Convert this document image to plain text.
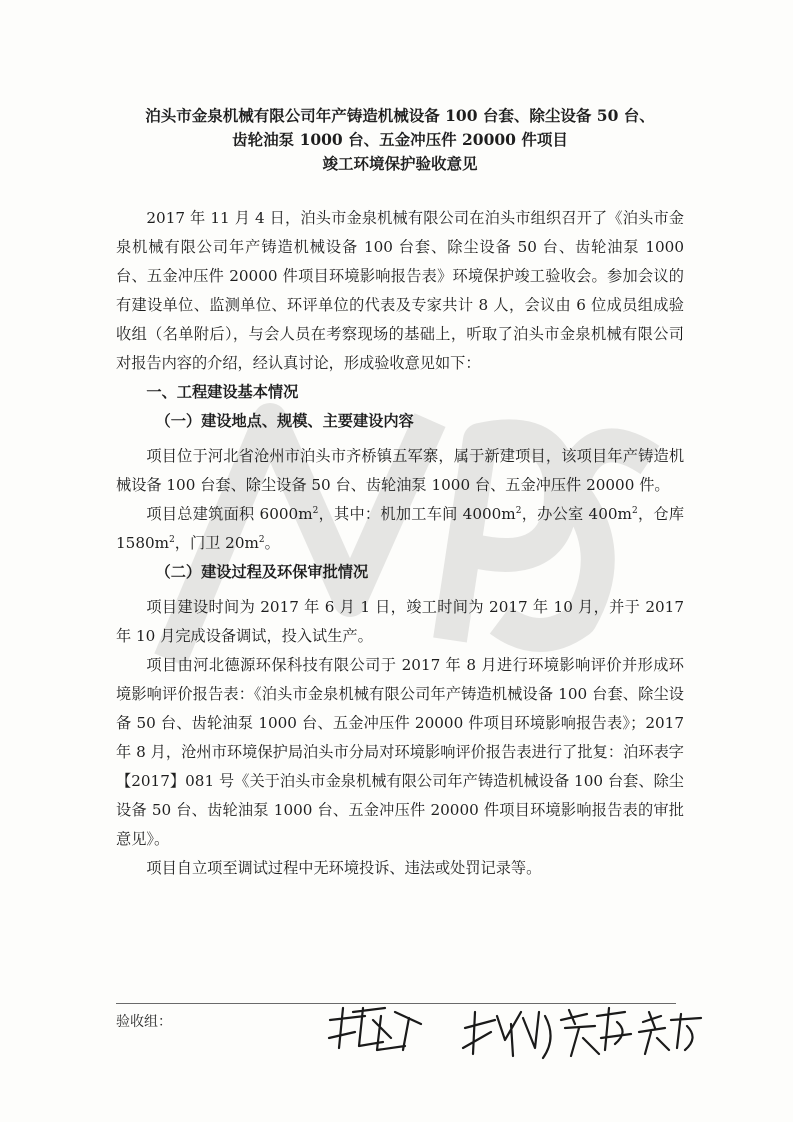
泊头市金泉机械有限公司年产铸造机械设备 100 台套、除尘设备 50 台、
齿轮油泵 1000 台、五金冲压件 20000 件项目
竣工环境保护验收意见

2017 年 11 月 4 日，泊头市金泉机械有限公司在泊头市组织召开了《泊头市金泉机械有限公司年产铸造机械设备 100 台套、除尘设备 50 台、齿轮油泵 1000 台、五金冲压件 20000 件项目环境影响报告表》环境保护竣工验收会。参加会议的有建设单位、监测单位、环评单位的代表及专家共计 8 人，会议由 6 位成员组成验收组（名单附后），与会人员在考察现场的基础上，听取了泊头市金泉机械有限公司对报告内容的介绍，经认真讨论，形成验收意见如下：

一、工程建设基本情况

（一）建设地点、规模、主要建设内容

项目位于河北省沧州市泊头市齐桥镇五军寨，属于新建项目，该项目年产铸造机械设备 100 台套、除尘设备 50 台、齿轮油泵 1000 台、五金冲压件 20000 件。

项目总建筑面积 $6000m^2$，其中：机加工车间 $4000m^2$，办公室 $400m^2$，仓库 $1580m^2$，门卫 $20m^2$。

（二）建设过程及环保审批情况

项目建设时间为 2017 年 6 月 1 日，竣工时间为 2017 年 10 月，并于 2017 年 10 月完成设备调试，投入试生产。

项目由河北德源环保科技有限公司于 2017 年 8 月进行环境影响评价并形成环境影响评价报告表：《泊头市金泉机械有限公司年产铸造机械设备 100 台套、除尘设备 50 台、齿轮油泵 1000 台、五金冲压件 20000 件项目环境影响报告表》；2017 年 8 月，沧州市环境保护局泊头市分局对环境影响评价报告表进行了批复：泊环表字【2017】081 号《关于泊头市金泉机械有限公司年产铸造机械设备 100 台套、除尘设备 50 台、齿轮油泵 1000 台、五金冲压件 20000 件项目环境影响报告表的审批意见》。

项目自立项至调试过程中无环境投诉、违法或处罚记录等。

验收组：
